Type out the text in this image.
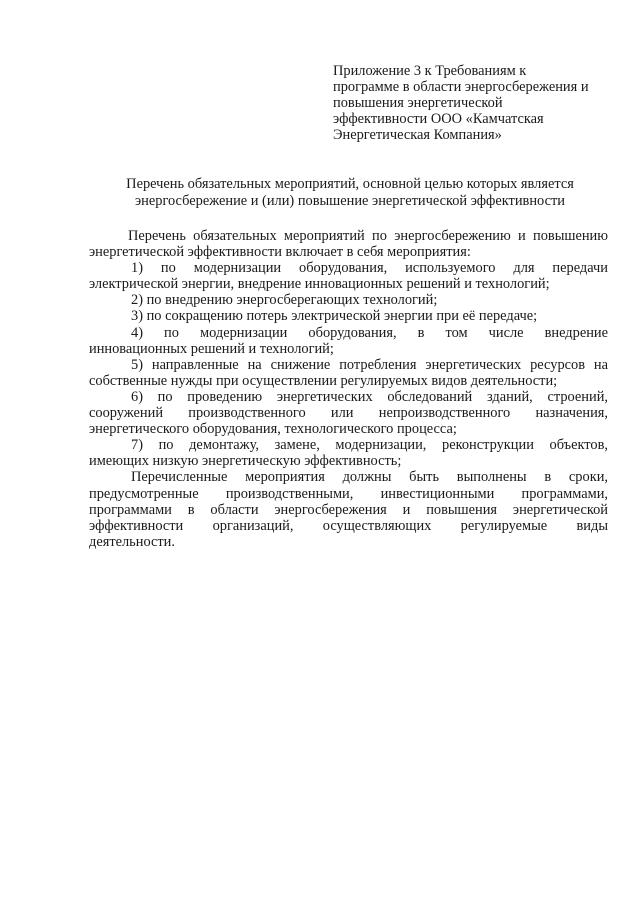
Приложение 3 к Требованиям к
программе в области энергосбережения и
повышения энергетической
эффективности ООО «Камчатская
Энергетическая Компания»
Перечень обязательных мероприятий, основной целью которых является
энергосбережение и (или) повышение энергетической эффективности
Перечень обязательных мероприятий по энергосбережению и повышению
энергетической эффективности включает в себя мероприятия:
1) по модернизации оборудования, используемого для передачи
электрической энергии, внедрение инновационных решений и технологий;
2) по внедрению энергосберегающих технологий;
3) по сокращению потерь электрической энергии при её передаче;
4) по модернизации оборудования, в том числе внедрение
инновационных решений и технологий;
5) направленные на снижение потребления энергетических ресурсов на
собственные нужды при осуществлении регулируемых видов деятельности;
6) по проведению энергетических обследований зданий, строений,
сооружений производственного или непроизводственного назначения,
энергетического оборудования, технологического процесса;
7) по демонтажу, замене, модернизации, реконструкции объектов,
имеющих низкую энергетическую эффективность;
Перечисленные мероприятия должны быть выполнены в сроки,
предусмотренные производственными, инвестиционными программами,
программами в области энергосбережения и повышения энергетической
эффективности организаций, осуществляющих регулируемые виды
деятельности.
